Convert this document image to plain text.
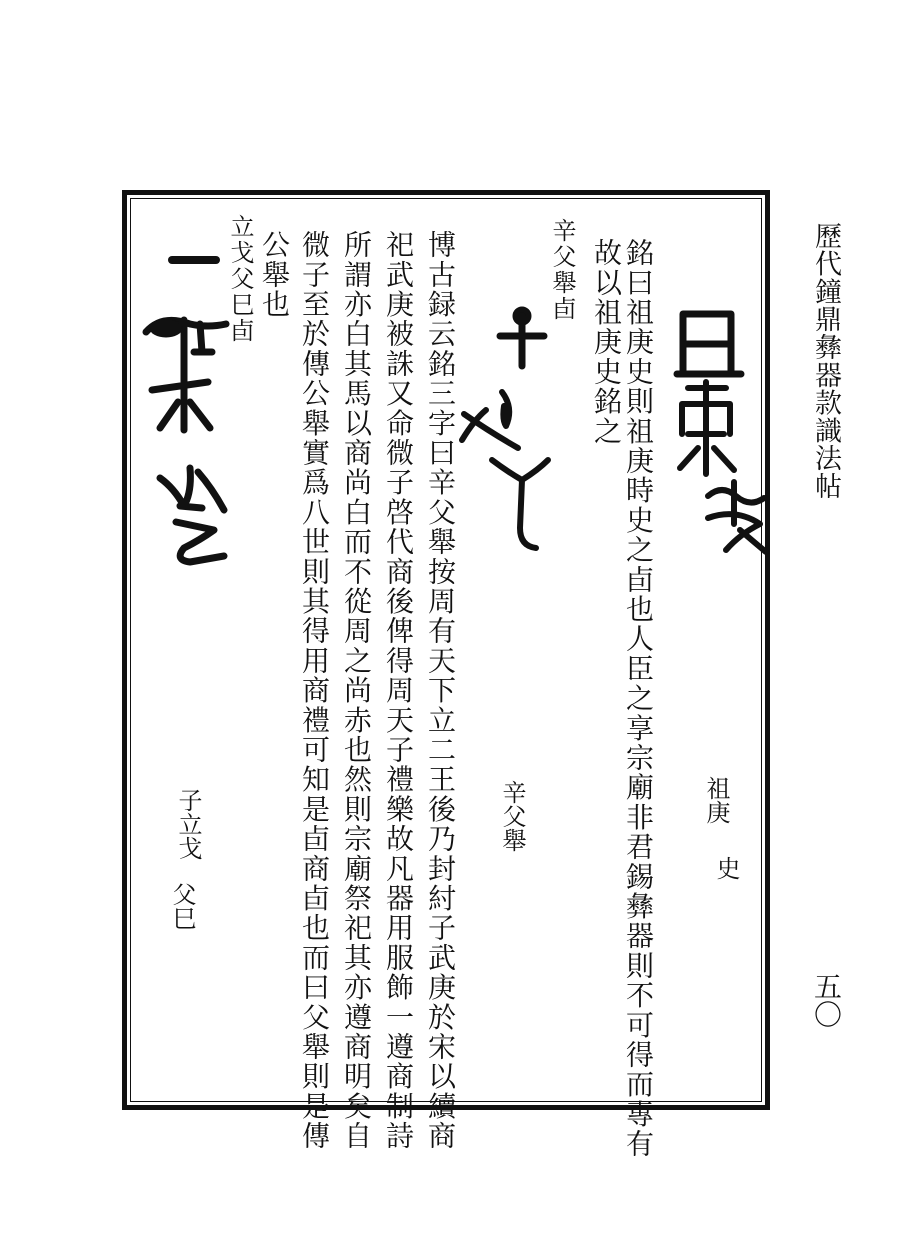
歷代鐘鼎彝器款識法帖
五〇
銘曰祖庚史則祖庚時史之卣也人臣之享宗廟非君錫彝器則不可得而專有
故以祖庚史銘之
祖庚
史
辛父舉卣
辛父舉
博古録云銘三字曰辛父舉按周有天下立二王後乃封紂子武庚於宋以續商
祀武庚被誅又命微子啓代商後俾得周天子禮樂故凡器用服飾一遵商制詩
所謂亦白其馬以商尚白而不從周之尚赤也然則宗廟祭祀其亦遵商明矣自
微子至於傳公舉實爲八世則其得用商禮可知是卣商卣也而曰父舉則是傳
公舉也
立戈父巳卣
子立戈
父巳
